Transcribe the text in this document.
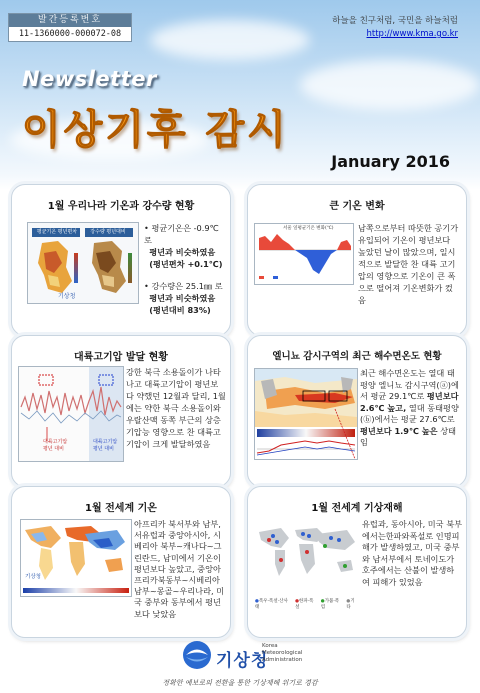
발간등록번호
11-1360000-000072-08
하늘을 친구처럼, 국민을 하늘처럼
http://www.kma.go.kr
Newsletter
이상기후 감시
January 2016
1월 우리나라 기온과 강수량 현황
평균기온 평년편차	강수량 평년대비
기상청
• 평균기온은 -0.9℃로
평년과 비슷하였음
(평년편차 +0.1℃)
• 강수량은 25.1㎜ 로
평년과 비슷하였음
(평년대비 83%)
큰 기온 변화
서울 일평균기온 변화(℃)	남쪽으로부터 따뜻한 공기가 유입되어 기온이 평년보다 높았던 날이 많았으며, 일시적으로 발달한 찬 대륙 고기압의 영향으로 기온이 큰 폭으로 떨어져 기온변화가 컸음
대륙고기압 발달 현황
대륙고기압
평년 대비
대륙고기압
평년 대비
강한 북극 소용돌이가 나타나고 대륙고기압이 평년보다 약했던 12월과 달리, 1월에는 약한 북극 소용돌이와 우랄산맥 동쪽 부근의 상층기압능 영향으로 찬 대륙고기압이 크게 발달하였음
엘니뇨 감시구역의 최근 해수면온도 현황
최근 해수면온도는 열대 태평양 엘니뇨 감시구역(ⓐ)에서 평균 29.1℃로 평년보다 2.6℃ 높고, 열대 동태평양(ⓑ)에서는 평균 27.6℃로 평년보다 1.9℃ 높은 상태임
1월 전세계 기온
기상청
아프리카 북서부와 남부, 서유럽과 중앙아시아, 시베리아 북부~캐나다~그린란드, 남미에서 기온이 평년보다 높았고, 중앙아프리카북동부~시베리아 남부~몽골~우리나라, 미국 중부와 동부에서 평년보다 낮았음
1월 전세계 기상재해
●폭우·폭설·산사태
●한파·폭설
●가뭄·폭염
●기타
유럽과, 동아시아, 미국 북부에서는한파와폭설로 인명피해가 발생하였고, 미국 중부와 남서부에서 토네이도가 호주에서는 산불이 발생하여 피해가 있었음
기상청
Korea
Meteorological
Administration
정확한 예보로의 전환을 통한 기상재해 위기로 경감
